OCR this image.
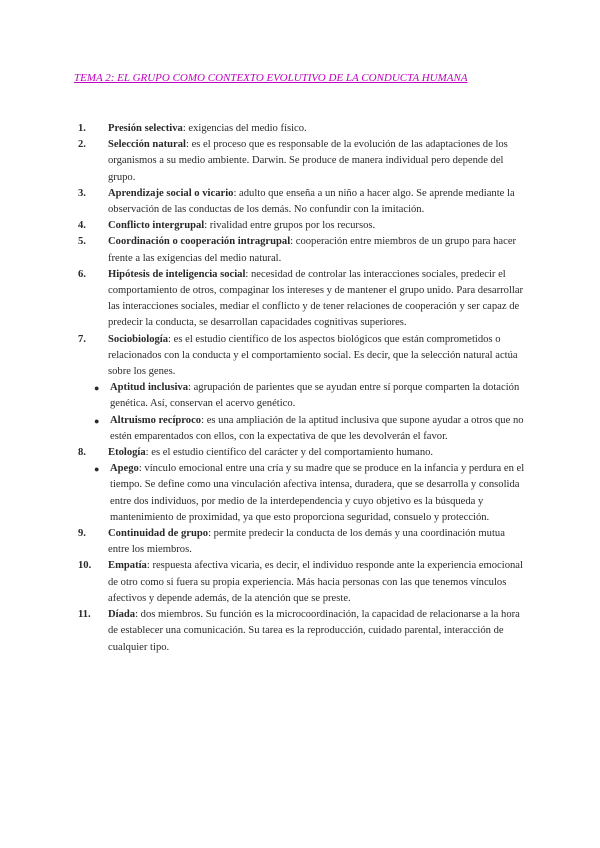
TEMA 2: EL GRUPO COMO CONTEXTO EVOLUTIVO DE LA CONDUCTA HUMANA
1.	Presión selectiva: exigencias del medio físico.
2.	Selección natural: es el proceso que es responsable de la evolución de las adaptaciones de los organismos a su medio ambiente. Darwin. Se produce de manera individual pero depende del grupo.
3.	Aprendizaje social o vicario: adulto que enseña a un niño a hacer algo. Se aprende mediante la observación de las conductas de los demás. No confundir con la imitación.
4.	Conflicto intergrupal: rivalidad entre grupos por los recursos.
5.	Coordinación o cooperación intragrupal: cooperación entre miembros de un grupo para hacer frente a las exigencias del medio natural.
6.	Hipótesis de inteligencia social: necesidad de controlar las interacciones sociales, predecir el comportamiento de otros, compaginar los intereses y de mantener el grupo unido. Para desarrollar las interacciones sociales, mediar el conflicto y de tener relaciones de cooperación y ser capaz de predecir la conducta, se desarrollan capacidades cognitivas superiores.
7.	Sociobiología: es el estudio científico de los aspectos biológicos que están comprometidos o relacionados con la conducta y el comportamiento social. Es decir, que la selección natural actúa sobre los genes.
● Aptitud inclusiva: agrupación de parientes que se ayudan entre sí porque comparten la dotación genética. Así, conservan el acervo genético.
● Altruismo recíproco: es una ampliación de la aptitud inclusiva que supone ayudar a otros que no estén emparentados con ellos, con la expectativa de que les devolverán el favor.
8.	Etología: es el estudio científico del carácter y del comportamiento humano.
● Apego: vínculo emocional entre una cría y su madre que se produce en la infancia y perdura en el tiempo. Se define como una vinculación afectiva intensa, duradera, que se desarrolla y consolida entre dos individuos, por medio de la interdependencia y cuyo objetivo es la búsqueda y mantenimiento de proximidad, ya que esto proporciona seguridad, consuelo y protección.
9.	Continuidad de grupo: permite predecir la conducta de los demás y una coordinación mutua entre los miembros.
10.	Empatía: respuesta afectiva vicaria, es decir, el individuo responde ante la experiencia emocional de otro como si fuera su propia experiencia. Más hacia personas con las que tenemos vínculos afectivos y depende además, de la atención que se preste.
11.	Díada: dos miembros. Su función es la microcoordinación, la capacidad de relacionarse a la hora de establecer una comunicación. Su tarea es la reproducción, cuidado parental, interacción de cualquier tipo.
